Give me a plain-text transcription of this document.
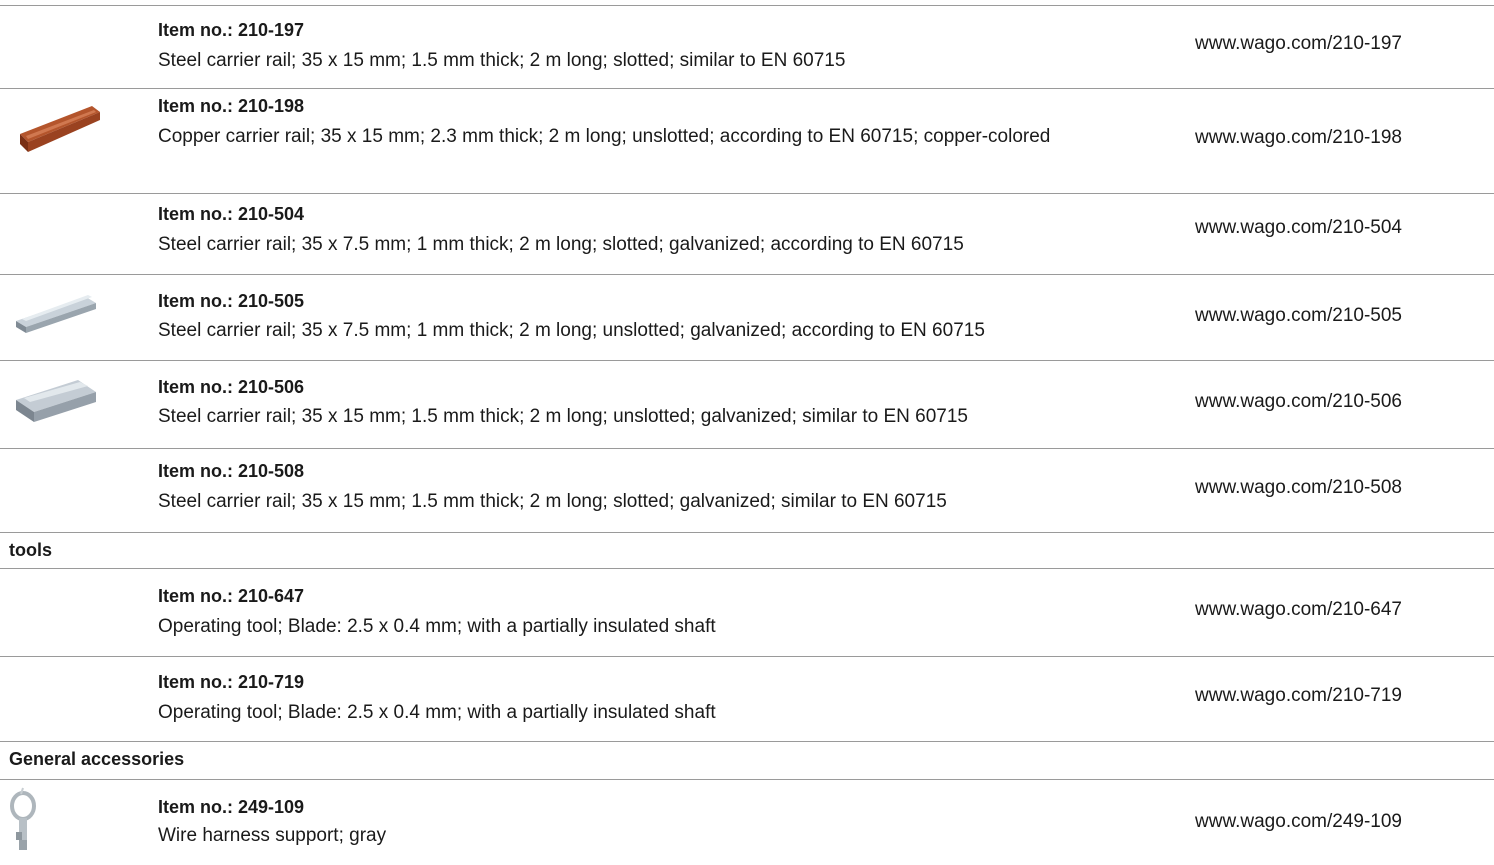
Item no.: 210-197
Steel carrier rail; 35 x 15 mm; 1.5 mm thick; 2 m long; slotted; similar to EN 60715
www.wago.com/210-197
Item no.: 210-198
Copper carrier rail; 35 x 15 mm; 2.3 mm thick; 2 m long; unslotted; according to EN 60715; copper-colored	www.wago.com/210-198
Item no.: 210-504
Steel carrier rail; 35 x 7.5 mm; 1 mm thick; 2 m long; slotted; galvanized; according to EN 60715
www.wago.com/210-504
Item no.: 210-505
Steel carrier rail; 35 x 7.5 mm; 1 mm thick; 2 m long; unslotted; galvanized; according to EN 60715
www.wago.com/210-505
Item no.: 210-506
Steel carrier rail; 35 x 15 mm; 1.5 mm thick; 2 m long; unslotted; galvanized; similar to EN 60715
www.wago.com/210-506
Item no.: 210-508
Steel carrier rail; 35 x 15 mm; 1.5 mm thick; 2 m long; slotted; galvanized; similar to EN 60715
www.wago.com/210-508
tools
Item no.: 210-647
Operating tool; Blade: 2.5 x 0.4 mm; with a partially insulated shaft
www.wago.com/210-647
Item no.: 210-719
Operating tool; Blade: 2.5 x 0.4 mm; with a partially insulated shaft
www.wago.com/210-719
General accessories
Item no.: 249-109
Wire harness support; gray
www.wago.com/249-109
